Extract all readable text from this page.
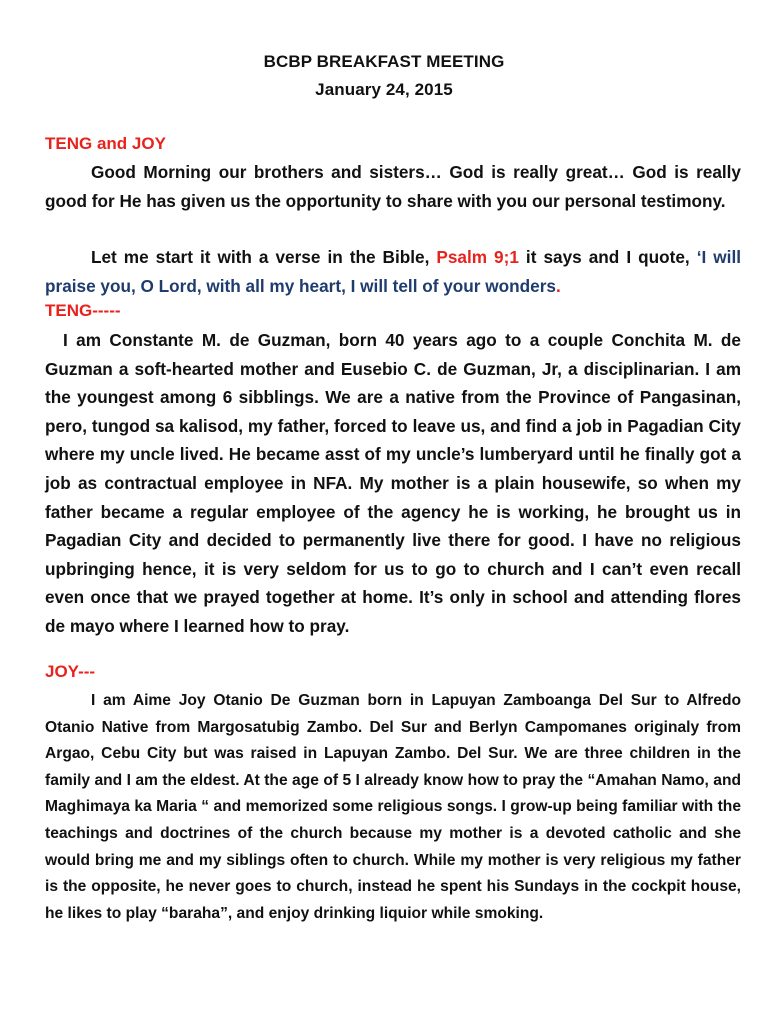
BCBP BREAKFAST MEETING
January 24, 2015
TENG and JOY

Good Morning our brothers and sisters… God is really great… God is really good for He has given us the opportunity to share with you our personal testimony.

Let me start it with a verse in the Bible, Psalm 9;1 it says and I quote, ‘I will praise you, O Lord, with all my heart, I will tell of your wonders.

TENG-----

I am Constante M. de Guzman, born 40 years ago to a couple Conchita M. de Guzman a soft-hearted mother and Eusebio C. de Guzman, Jr, a disciplinarian. I am the youngest among 6 sibblings. We are a native from the Province of Pangasinan, pero, tungod sa kalisod, my father, forced to leave us, and find a job in Pagadian City where my uncle lived. He became asst of my uncle’s lumberyard until he finally got a job as contractual employee in NFA. My mother is a plain housewife, so when my father became a regular employee of the agency he is working, he brought us in Pagadian City and decided to permanently live there for good. I have no religious upbringing hence, it is very seldom for us to go to church and I can’t even recall even once that we prayed together at home. It’s only in school and attending flores de mayo where I learned how to pray.

JOY---

I am Aime Joy Otanio De Guzman born in Lapuyan Zamboanga Del Sur to Alfredo Otanio Native from Margosatubig Zambo. Del Sur and Berlyn Campomanes originaly from Argao, Cebu City but was raised in Lapuyan Zambo. Del Sur. We are three children in the family and I am the eldest. At the age of 5 I already know how to pray the “Amahan Namo, and Maghimaya ka Maria “ and memorized some religious songs. I grow-up being familiar with the teachings and doctrines of the church because my mother is a devoted catholic and she would bring me and my siblings often to church. While my mother is very religious my father is the opposite, he never goes to church, instead he spent his Sundays in the cockpit house, he likes to play “baraha”, and enjoy drinking liquior while smoking.
